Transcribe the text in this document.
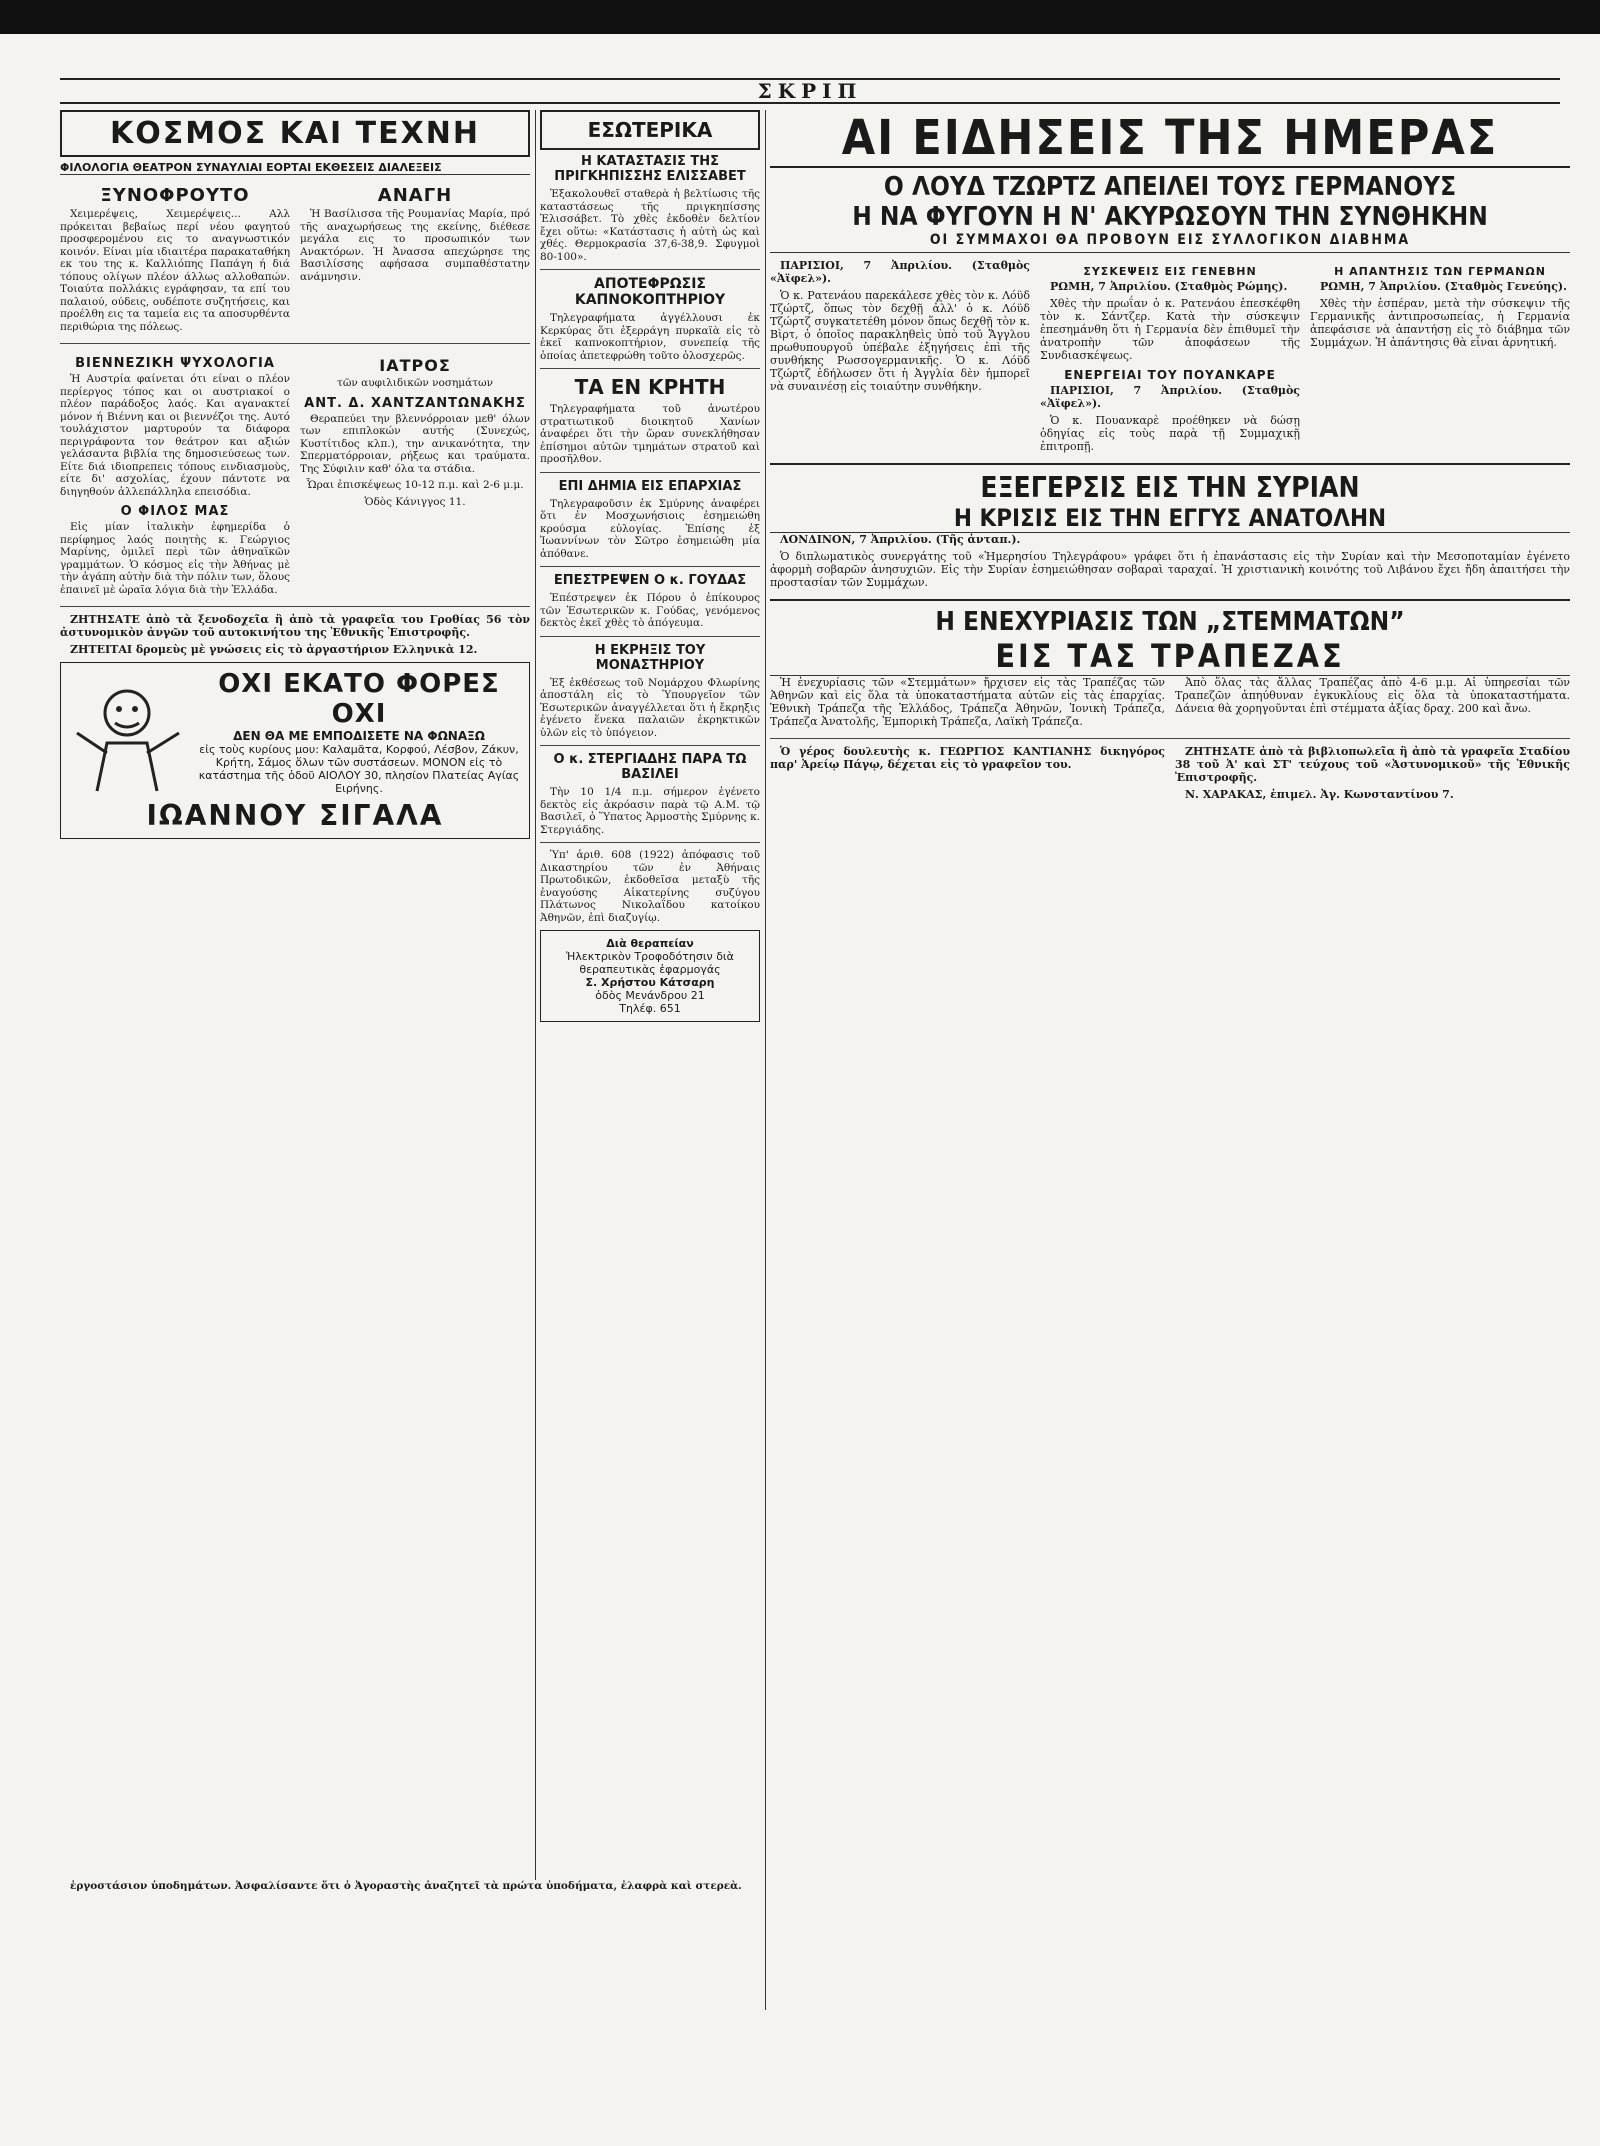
ΣΚΡΙΠ
ΚΟΣΜΟΣ ΚΑΙ ΤΕΧΝΗ
ΦΙΛΟΛΟΓΙΑ ΘΕΑΤΡΟΝ ΣΥΝΑΥΛΙΑΙ ΕΟΡΤΑΙ ΕΚΘΕΣΕΙΣ ΔΙΑΛΕΞΕΙΣ
ΞΥΝΟΦΡΟΥΤΟ

Χειμερέψεις, Χειμερέψεις... Αλλ πρόκειται βεβαίως περί νέου φαγητού προσφερομένου εις το αναγνωστικόν κοινόν. Είναι μία ιδιαιτέρα παρακαταθήκη εκ του της κ. Καλλιόπης Παπάγη ή διά τόπους ολίγων πλέον άλλως αλλοθαπών. Τοιαύτα πολλάκις εγράφησαν, τα επί του παλαιού, ούδεις, ουδέποτε συζητήσεις, και προέλθη εις τα ταμεία εις τα αποσυρθέντα περιθώρια της πόλεως.

ΑΝΑΓΗ

Ἡ Βασίλισσα τῆς Ρουμανίας Μαρία, πρό τῆς αναχωρήσεως της εκείνης, διέθεσε μεγάλα εις το προσωπικόν των Ανακτόρων. Ἡ Ἀνασσα απεχώρησε της Βασιλίσσης αφήσασα συμπαθέστατην ανάμνησιν.

ΒΙΕΝΝΕΖΙΚΗ ΨΥΧΟΛΟΓΙΑ

Ἡ Αυστρία φαίνεται ότι είναι ο πλέον περίεργος τόπος και οι αυστριακοί ο πλέον παράδοξος λαός. Και αγανακτεί μόνον ή Βιέννη και οι βιεννέζοι της. Αυτό τουλάχιστον μαρτυρούν τα διάφορα περιγράφοντα τον θεάτρον και αξιών γελάσαντα βιβλία της δημοσιεύσεως των. Είτε διά ιδιοπρεπεις τόπους εινδιασμοὺς, είτε δι' ασχολίας, έχουν πάντοτε να διηγηθούν ἀλλεπάλληλα επεισόδια.

Ο ΦΙΛΟΣ ΜΑΣ

Εἰς μίαν ἰταλικὴν ἐφημερίδα ὁ περίφημος λαός ποιητὴς κ. Γεώργιος Μαρίνης, ὁμιλεῖ περὶ τῶν ἀθηναϊκῶν γραμμάτων. Ὁ κόσμος εἰς τὴν Ἀθήνας μὲ τὴν ἀγάπη αὐτὴν διὰ τὴν πόλιν των, ὅλους ἐπαινεῖ μὲ ὡραῖα λόγια διὰ τὴν Ἑλλάδα.

ΙΑΤΡΟΣ

τῶν αυφιλιδικῶν νοσημάτων

ΑΝΤ. Δ. ΧΑΝΤΖΑΝΤΩΝΑΚΗΣ

Θεραπεύει την βλεννόρροιαν μεθ' όλων των επιπλοκών αυτής (Συνεχώς, Κυστίτιδος κλπ.), την ανικανότητα, την Σπερματόρροιαν, ρήξεως και τραύματα. Της Σύφιλιν καθ' όλα τα στάδια.

Ὧραι ἐπισκέψεως 10-12 π.μ. καὶ 2-6 μ.μ.

Ὁδὸς Κάνιγγος 11.

ΖΗΤΗΣΑΤΕ ἀπὸ τὰ ξενοδοχεῖα ἢ ἀπὸ τὰ γραφεῖα του Γροθίας 56 τὸν ἀστυνομικὸν ἀνγῶν τοῦ αυτοκινήτου της Ἐθνικῆς Ἐπιστροφῆς.

ΖΗΤΕΙΤΑΙ δρομεὺς μὲ γνώσεις εἰς τὸ ἀργαστήριον Ελληνικὰ 12.

ΟΧΙ ΕΚΑΤΟ ΦΟΡΕΣ ΟΧΙ
ΔΕΝ ΘΑ ΜΕ ΕΜΠΟΔΙΣΕΤΕ ΝΑ ΦΩΝΑΞΩ

εἰς τοὺς κυρίους μου: Καλαμᾶτα, Κορφού, Λέσβον, Ζάκυν, Κρήτη, Σάμος ὅλων τῶν συστάσεων. ΜΟΝΟΝ εἰς τὸ κατάστημα τῆς ὁδοῦ ΑΙΟΛΟΥ 30, πλησίον Πλατείας Αγίας Ειρήνης.

ΙΩΑΝΝΟΥ ΣΙΓΑΛΑ
ΕΣΩΤΕΡΙΚΑ
Η ΚΑΤΑΣΤΑΣΙΣ ΤΗΣ ΠΡΙΓΚΗΠΙΣΣΗΣ ΕΛΙΣΣΑΒΕΤ

Ἐξακολουθεῖ σταθερὰ ἡ βελτίωσις τῆς καταστάσεως τῆς πριγκηπίσσης Ἐλισσάβετ. Τὸ χθὲς ἐκδοθὲν δελτίον ἔχει οὕτω: «Κατάστασις ἡ αὐτὴ ὡς καὶ χθές. Θερμοκρασία 37,6-38,9. Σφυγμοὶ 80-100».

ΑΠΟΤΕΦΡΩΣΙΣ ΚΑΠΝΟΚΟΠΤΗΡΙΟΥ

Τηλεγραφήματα ἀγγέλλουσι ἐκ Κερκύρας ὅτι ἐξερράγη πυρκαϊὰ εἰς τὸ ἐκεῖ καπνοκοπτήριον, συνεπείᾳ τῆς ὁποίας ἀπετεφρώθη τοῦτο ὁλοσχερῶς.

ΤΑ ΕΝ ΚΡΗΤΗ

Τηλεγραφήματα τοῦ ἀνωτέρου στρατιωτικοῦ διοικητοῦ Χανίων ἀναφέρει ὅτι τὴν ὥραν συνεκλήθησαν ἐπίσημοι αὐτῶν τμημάτων στρατοῦ καὶ προσῆλθον.

ΕΠΙ ΔΗΜΙΑ ΕΙΣ ΕΠΑΡΧΙΑΣ

Τηλεγραφοῦσιν ἐκ Σμύρνης ἀναφέρει ὅτι ἐν Μοσχωνήσιοις ἐσημειώθη κρούσμα εὐλογίας. Ἐπίσης ἐξ Ἰωαννίνων τὸν Σῶτρο ἐσημειώθη μία ἀπόθανε.

ΕΠΕΣΤΡΕΨΕΝ Ο κ. ΓΟΥΔΑΣ

Ἐπέστρεψεν ἐκ Πόρου ὁ ἐπίκουρος τῶν Ἐσωτερικῶν κ. Γούδας, γενόμενος δεκτὸς ἐκεῖ χθὲς τὸ ἀπόγευμα.

Η ΕΚΡΗΞΙΣ ΤΟΥ ΜΟΝΑΣΤΗΡΙΟΥ

Ἐξ ἐκθέσεως τοῦ Νομάρχου Φλωρίνης ἀποστάλη εἰς τὸ Ὑπουργεῖον τῶν Ἐσωτερικῶν ἀναγγέλλεται ὅτι ἡ ἔκρηξις ἐγένετο ἕνεκα παλαιῶν ἐκρηκτικῶν ὑλῶν εἰς τὸ ὑπόγειον.

Ο κ. ΣΤΕΡΓΙΑΔΗΣ ΠΑΡΑ ΤΩ ΒΑΣΙΛΕΙ

Τὴν 10 1/4 π.μ. σήμερον ἐγένετο δεκτὸς εἰς ἀκρόασιν παρὰ τῷ Α.Μ. τῷ Βασιλεῖ, ὁ Ὕπατος Ἁρμοστὴς Σμύρνης κ. Στεργιάδης.

Ὑπ' ἀριθ. 608 (1922) ἀπόφασις τοῦ Δικαστηρίου τῶν ἐν Ἀθήναις Πρωτοδικῶν, ἐκδοθεῖσα μεταξὺ τῆς ἐναγούσης Αἰκατερίνης συζύγου Πλάτωνος Νικολαΐδου κατοίκου Ἀθηνῶν, ἐπὶ διαζυγίῳ.

Διὰ θεραπείαν
Ἡλεκτρικὸν Τροφοδότησιν διὰ θεραπευτικὰς ἐφαρμογάς
Σ. Χρήστου Κάτσαρη
ὁδὸς Μενάνδρου 21
Τηλέφ. 651
ΑΙ ΕΙΔΗΣΕΙΣ ΤΗΣ ΗΜΕΡΑΣ
Ο ΛΟΥΔ ΤΖΩΡΤΖ ΑΠΕΙΛΕΙ ΤΟΥΣ ΓΕΡΜΑΝΟΥΣ
Η ΝΑ ΦΥΓΟΥΝ Η Ν' ΑΚΥΡΩΣΟΥΝ ΤΗΝ ΣΥΝΘΗΚΗΝ
ΟΙ ΣΥΜΜΑΧΟΙ ΘΑ ΠΡΟΒΟΥΝ ΕΙΣ ΣΥΛΛΟΓΙΚΟΝ ΔΙΑΒΗΜΑ

ΠΑΡΙΣΙΟΙ, 7 Ἀπριλίου. (Σταθμὸς «Ἀϊφελ»).

Ὁ κ. Ρατενάου παρεκάλεσε χθὲς τὸν κ. Λόϋδ Τζώρτζ, ὅπως τὸν δεχθῇ ἀλλ' ὁ κ. Λόϋδ Τζώρτζ συγκατετέθη μόνον ὅπως δεχθῇ τὸν κ. Βὶρτ, ὁ ὁποῖος παρακληθεὶς ὑπὸ τοῦ Ἄγγλου πρωθυπουργοῦ ὑπέβαλε ἐξηγήσεις ἐπὶ τῆς συνθήκης Ρωσσογερμανικῆς. Ὁ κ. Λόϋδ Τζώρτζ ἐδήλωσεν ὅτι ἡ Ἀγγλία δὲν ἠμπορεῖ νὰ συναινέσῃ εἰς τοιαύτην συνθήκην.

ΣΥΣΚΕΨΕΙΣ ΕΙΣ ΓΕΝΕΒΗΝ

ΡΩΜΗ, 7 Ἀπριλίου. (Σταθμὸς Ρώμης).

Χθὲς τὴν πρωΐαν ὁ κ. Ρατενάου ἐπεσκέφθη τὸν κ. Σάντζερ. Κατὰ τὴν σύσκεψιν ἐπεσημάνθη ὅτι ἡ Γερμανία δὲν ἐπιθυμεῖ τὴν ἀνατροπὴν τῶν ἀποφάσεων τῆς Συνδιασκέψεως.

ΕΝΕΡΓΕΙΑΙ ΤΟΥ ΠΟΥΑΝΚΑΡΕ

ΠΑΡΙΣΙΟΙ, 7 Ἀπριλίου. (Σταθμὸς «Ἀϊφελ»).

Ὁ κ. Πουανκαρὲ προέθηκεν νὰ δώσῃ ὁδηγίας εἰς τοὺς παρὰ τῇ Συμμαχικῇ ἐπιτροπῇ.

Η ΑΠΑΝΤΗΣΙΣ ΤΩΝ ΓΕΡΜΑΝΩΝ

ΡΩΜΗ, 7 Ἀπριλίου. (Σταθμὸς Γενεύης).

Χθὲς τὴν ἑσπέραν, μετὰ τὴν σύσκεψιν τῆς Γερμανικῆς ἀντιπροσωπείας, ἡ Γερμανία ἀπεφάσισε νὰ ἀπαντήσῃ εἰς τὸ διάβημα τῶν Συμμάχων. Ἡ ἀπάντησις θὰ εἶναι ἀρνητική.

ΕΞΕΓΕΡΣΙΣ ΕΙΣ ΤΗΝ ΣΥΡΙΑΝ
Η ΚΡΙΣΙΣ ΕΙΣ ΤΗΝ ΕΓΓΥΣ ΑΝΑΤΟΛΗΝ

ΛΟΝΔΙΝΟΝ, 7 Ἀπριλίου. (Τῆς ἀνταπ.).

Ὁ διπλωματικὸς συνεργάτης τοῦ «Ἡμερησίου Τηλεγράφου» γράφει ὅτι ἡ ἐπανάστασις εἰς τὴν Συρίαν καὶ τὴν Μεσοποταμίαν ἐγένετο ἀφορμὴ σοβαρῶν ἀνησυχιῶν. Εἰς τὴν Συρίαν ἐσημειώθησαν σοβαραὶ ταραχαί. Ἡ χριστιανικὴ κοινότης τοῦ Λιβάνου ἔχει ἤδη ἀπαιτήσει τὴν προστασίαν τῶν Συμμάχων.

Η ΕΝΕΧΥΡΙΑΣΙΣ ΤΩΝ „ΣΤΕΜΜΑΤΩΝ”
ΕΙΣ ΤΑΣ ΤΡΑΠΕΖΑΣ

Ἡ ἐνεχυρίασις τῶν «Στεμμάτων» ἤρχισεν εἰς τὰς Τραπέζας τῶν Ἀθηνῶν καὶ εἰς ὅλα τὰ ὑποκαταστήματα αὐτῶν εἰς τὰς ἐπαρχίας. Ἐθνικὴ Τράπεζα τῆς Ἑλλάδος, Τράπεζα Ἀθηνῶν, Ἰονικὴ Τράπεζα, Τράπεζα Ἀνατολῆς, Ἐμπορικὴ Τράπεζα, Λαϊκὴ Τράπεζα.

Ἀπὸ ὅλας τὰς ἄλλας Τραπέζας ἀπὸ 4-6 μ.μ. Αἱ ὑπηρεσίαι τῶν Τραπεζῶν ἀπηύθυναν ἐγκυκλίους εἰς ὅλα τὰ ὑποκαταστήματα. Δάνεια θὰ χορηγοῦνται ἐπὶ στέμματα ἀξίας δραχ. 200 καὶ ἄνω.

Ὁ γέρος δουλευτὴς κ. ΓΕΩΡΓΙΟΣ ΚΑΝΤΙΑΝΗΣ δικηγόρος παρ' Ἀρείῳ Πάγῳ, δέχεται εἰς τὸ γραφεῖον του.

ΖΗΤΗΣΑΤΕ ἀπὸ τὰ βιβλιοπωλεῖα ἢ ἀπὸ τὰ γραφεῖα Σταδίου 38 τοῦ Ἀ' καὶ ΣΤ' τεύχους τοῦ «Ἀστυνομικοῦ» τῆς Ἐθνικῆς Ἐπιστροφῆς.

Ν. ΧΑΡΑΚΑΣ, ἐπιμελ. Ἀγ. Κωνσταντίνου 7.

ἐργοστάσιον ὑποδημάτων. Ἀσφαλίσαντε ὅτι ὁ Ἀγοραστὴς ἀναζητεῖ τὰ πρώτα ὑποδήματα, ἐλαφρὰ καὶ στερεὰ.
